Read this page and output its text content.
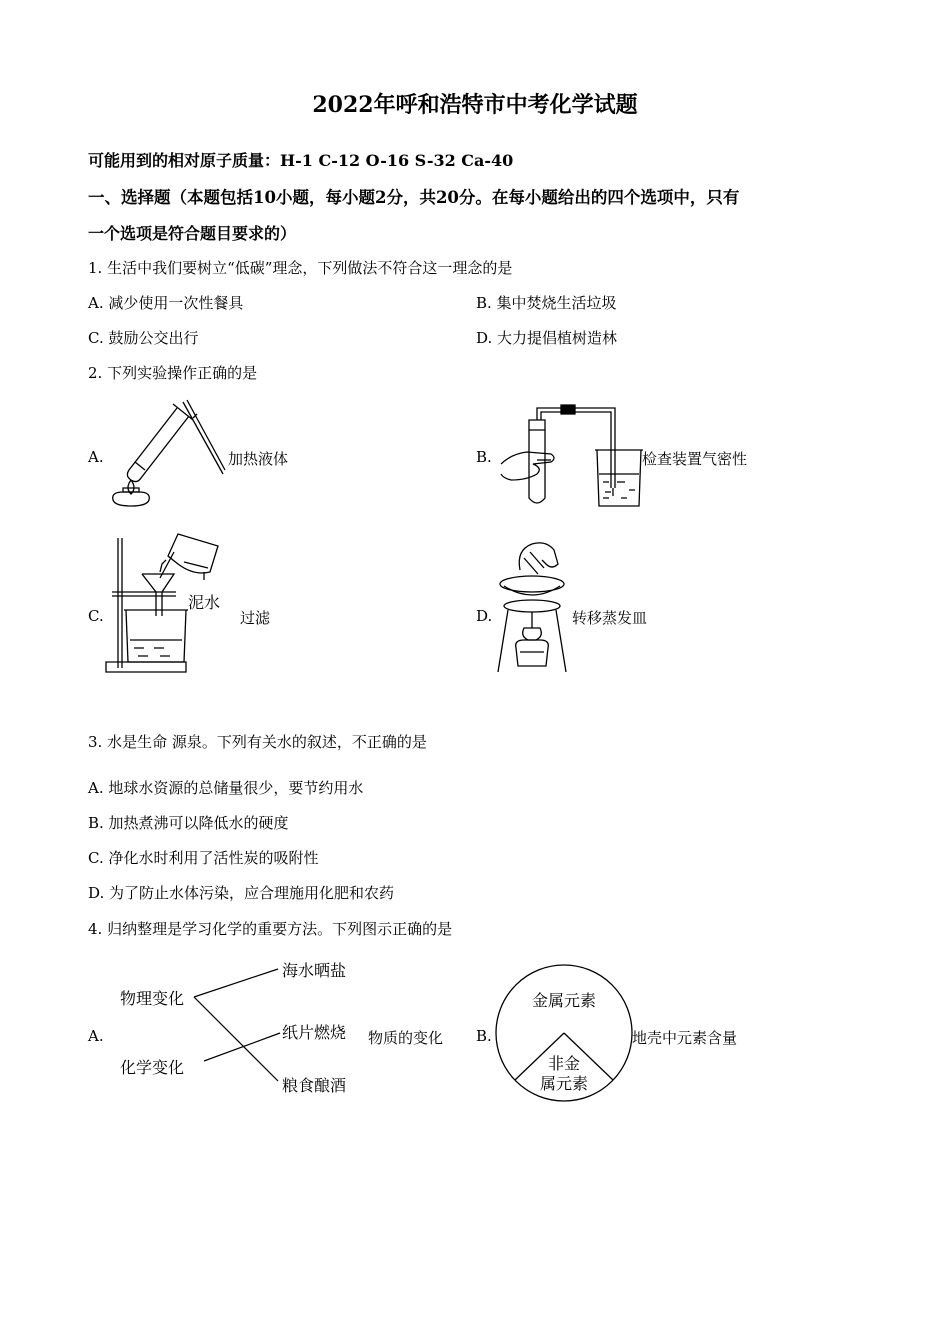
2022年呼和浩特市中考化学试题
可能用到的相对原子质量：H-1 C-12 O-16 S-32 Ca-40
一、选择题（本题包括10小题，每小题2分，共20分。在每小题给出的四个选项中，只有
一个选项是符合题目要求的）
1. 生活中我们要树立“低碳”理念，下列做法不符合这一理念的是
A. 减少使用一次性餐具	B. 集中焚烧生活垃圾
C. 鼓励公交出行	D. 大力提倡植树造林
2. 下列实验操作正确的是
A.	加热液体	B.	检查装置气密性
C.
泥水
过滤	D.	转移蒸发皿
3. 水是生命 源泉。下列有关水的叙述，不正确的是
A. 地球水资源的总储量很少，要节约用水
B. 加热煮沸可以降低水的硬度
C. 净化水时利用了活性炭的吸附性
D. 为了防止水体污染，应合理施用化肥和农药
4. 归纳整理是学习化学的重要方法。下列图示正确的是
A.
物理变化
化学变化
海水晒盐
纸片燃烧
粮食酿酒
物质的变化 B.
金属元素
非金
属元素
地壳中元素含量
